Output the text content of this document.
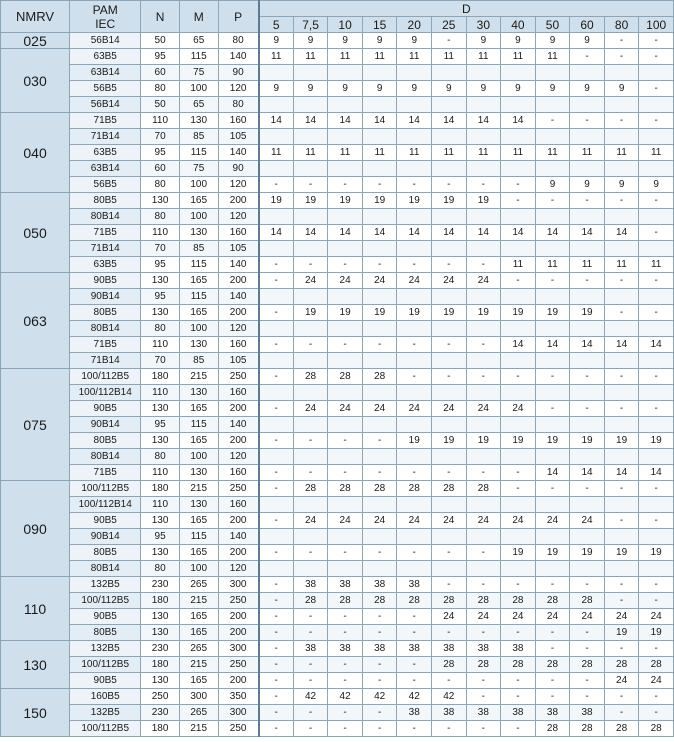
NMRV	PAM
IEC	N	M	P	D											
					5	7,5	10	15	20	25	30	40	50	60	80	100
025	56B14	50	65	80	9	9	9	9	9	-	9	9	9	9	-	-
030	63B5	95	115	140	11	11	11	11	11	11	11	11	11	-	-	-
	63B14	60	75	90												
	56B5	80	100	120	9	9	9	9	9	9	9	9	9	9	9	-
	56B14	50	65	80												
040	71B5	110	130	160	14	14	14	14	14	14	14	14	-	-	-	-
	71B14	70	85	105												
	63B5	95	115	140	11	11	11	11	11	11	11	11	11	11	11	11
	63B14	60	75	90												
	56B5	80	100	120	-	-	-	-	-	-	-	-	9	9	9	9
050	80B5	130	165	200	19	19	19	19	19	19	19	-	-	-	-	-
	80B14	80	100	120												
	71B5	110	130	160	14	14	14	14	14	14	14	14	14	14	14	-
	71B14	70	85	105												
	63B5	95	115	140	-	-	-	-	-	-	-	11	11	11	11	11
063	90B5	130	165	200	-	24	24	24	24	24	24	-	-	-	-	-
	90B14	95	115	140												
	80B5	130	165	200	-	19	19	19	19	19	19	19	19	19	-	-
	80B14	80	100	120												
	71B5	110	130	160	-	-	-	-	-	-	-	14	14	14	14	14
	71B14	70	85	105												
075	100/112B5	180	215	250	-	28	28	28	-	-	-	-	-	-	-	-
	100/112B14	110	130	160												
	90B5	130	165	200	-	24	24	24	24	24	24	24	-	-	-	-
	90B14	95	115	140												
	80B5	130	165	200	-	-	-	-	19	19	19	19	19	19	19	19
	80B14	80	100	120												
	71B5	110	130	160	-	-	-	-	-	-	-	-	14	14	14	14
090	100/112B5	180	215	250	-	28	28	28	28	28	28	-	-	-	-	-
	100/112B14	110	130	160												
	90B5	130	165	200	-	24	24	24	24	24	24	24	24	24	-	-
	90B14	95	115	140												
	80B5	130	165	200	-	-	-	-	-	-	-	19	19	19	19	19
	80B14	80	100	120												
110	132B5	230	265	300	-	38	38	38	38	-	-	-	-	-	-	-
	100/112B5	180	215	250	-	28	28	28	28	28	28	28	28	28	-	-
	90B5	130	165	200	-	-	-	-	-	24	24	24	24	24	24	24
	80B5	130	165	200	-	-	-	-	-	-	-	-	-	-	19	19
130	132B5	230	265	300	-	38	38	38	38	38	38	38	-	-	-	-
	100/112B5	180	215	250	-	-	-	-	-	28	28	28	28	28	28	28
	90B5	130	165	200	-	-	-	-	-	-	-	-	-	-	24	24
150	160B5	250	300	350	-	42	42	42	42	42	-	-	-	-	-	-
	132B5	230	265	300	-	-	-	-	38	38	38	38	38	38	-	-
	100/112B5	180	215	250	-	-	-	-	-	-	-	-	28	28	28	28
